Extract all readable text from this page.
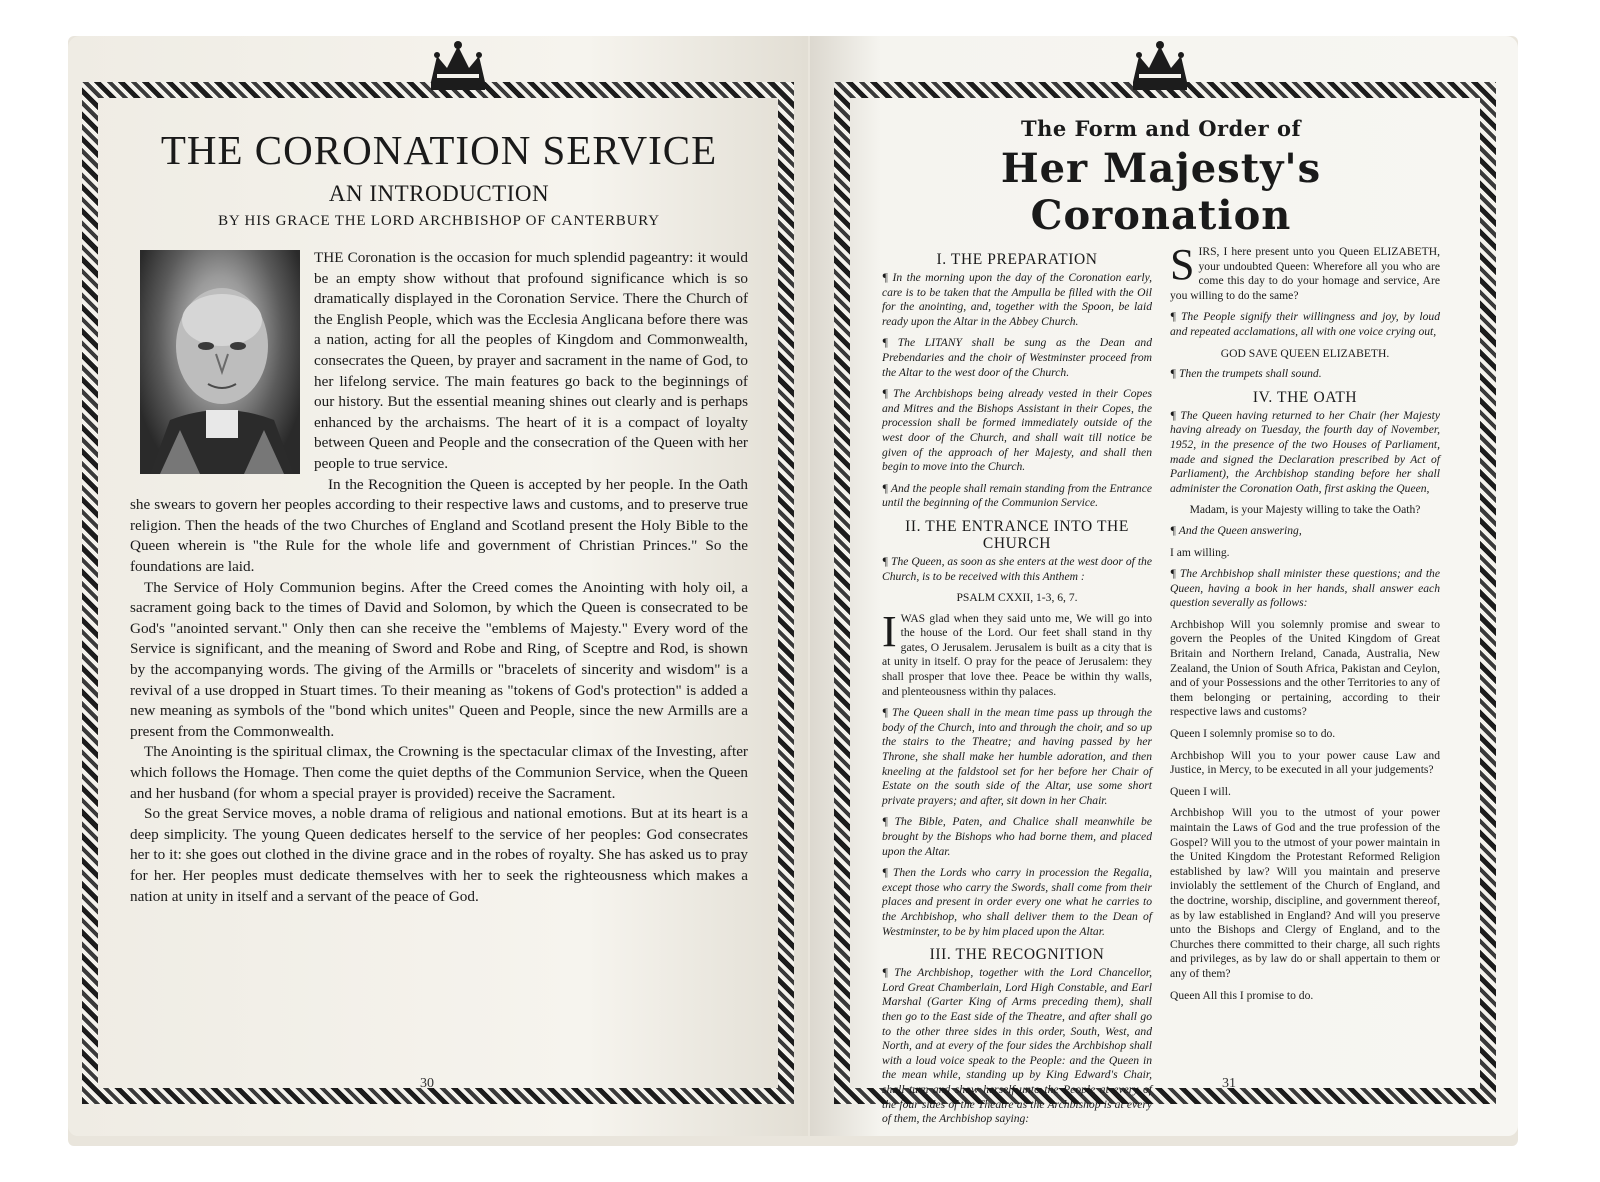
THE CORONATION SERVICE
AN INTRODUCTION
BY HIS GRACE THE LORD ARCHBISHOP OF CANTERBURY

THE Coronation is the occasion for much splendid pageantry: it would be an empty show without that profound significance which is so dramatically displayed in the Coronation Service. There the Church of the English People, which was the Ecclesia Anglicana before there was a nation, acting for all the peoples of Kingdom and Commonwealth, consecrates the Queen, by prayer and sacrament in the name of God, to her lifelong service. The main features go back to the beginnings of our history. But the essential meaning shines out clearly and is perhaps enhanced by the archaisms. The heart of it is a compact of loyalty between Queen and People and the consecration of the Queen with her people to true service.

In the Recognition the Queen is accepted by her people. In the Oath she swears to govern her peoples according to their respective laws and customs, and to preserve true religion. Then the heads of the two Churches of England and Scotland present the Holy Bible to the Queen wherein is "the Rule for the whole life and government of Christian Princes." So the foundations are laid.

The Service of Holy Communion begins. After the Creed comes the Anointing with holy oil, a sacrament going back to the times of David and Solomon, by which the Queen is consecrated to be God's "anointed servant." Only then can she receive the "emblems of Majesty." Every word of the Service is significant, and the meaning of Sword and Robe and Ring, of Sceptre and Rod, is shown by the accompanying words. The giving of the Armills or "bracelets of sincerity and wisdom" is a revival of a use dropped in Stuart times. To their meaning as "tokens of God's protection" is added a new meaning as symbols of the "bond which unites" Queen and People, since the new Armills are a present from the Commonwealth.

The Anointing is the spiritual climax, the Crowning is the spectacular climax of the Investing, after which follows the Homage. Then come the quiet depths of the Communion Service, when the Queen and her husband (for whom a special prayer is provided) receive the Sacrament.

So the great Service moves, a noble drama of religious and national emotions. But at its heart is a deep simplicity. The young Queen dedicates herself to the service of her peoples: God consecrates her to it: she goes out clothed in the divine grace and in the robes of royalty. She has asked us to pray for her. Her peoples must dedicate themselves with her to seek the righteousness which makes a nation at unity in itself and a servant of the peace of God.

30
The Form and Order of
Her Majesty's Coronation
I. THE PREPARATION

¶ In the morning upon the day of the Coronation early, care is to be taken that the Ampulla be filled with the Oil for the anointing, and, together with the Spoon, be laid ready upon the Altar in the Abbey Church.

¶ The LITANY shall be sung as the Dean and Prebendaries and the choir of Westminster proceed from the Altar to the west door of the Church.

¶ The Archbishops being already vested in their Copes and Mitres and the Bishops Assistant in their Copes, the procession shall be formed immediately outside of the west door of the Church, and shall wait till notice be given of the approach of her Majesty, and shall then begin to move into the Church.

¶ And the people shall remain standing from the Entrance until the beginning of the Communion Service.

II. THE ENTRANCE INTO THE CHURCH

¶ The Queen, as soon as she enters at the west door of the Church, is to be received with this Anthem :

PSALM CXXII, 1-3, 6, 7.

IWAS glad when they said unto me, We will go into the house of the Lord. Our feet shall stand in thy gates, O Jerusalem. Jerusalem is built as a city that is at unity in itself. O pray for the peace of Jerusalem: they shall prosper that love thee. Peace be within thy walls, and plenteousness within thy palaces.

¶ The Queen shall in the mean time pass up through the body of the Church, into and through the choir, and so up the stairs to the Theatre; and having passed by her Throne, she shall make her humble adoration, and then kneeling at the faldstool set for her before her Chair of Estate on the south side of the Altar, use some short private prayers; and after, sit down in her Chair.

¶ The Bible, Paten, and Chalice shall meanwhile be brought by the Bishops who had borne them, and placed upon the Altar.

¶ Then the Lords who carry in procession the Regalia, except those who carry the Swords, shall come from their places and present in order every one what he carries to the Archbishop, who shall deliver them to the Dean of Westminster, to be by him placed upon the Altar.

III. THE RECOGNITION

¶ The Archbishop, together with the Lord Chancellor, Lord Great Chamberlain, Lord High Constable, and Earl Marshal (Garter King of Arms preceding them), shall then go to the East side of the Theatre, and after shall go to the other three sides in this order, South, West, and North, and at every of the four sides the Archbishop shall with a loud voice speak to the People: and the Queen in the mean while, standing up by King Edward's Chair, shall turn and show herself unto the People at every of the four sides of the Theatre as the Archbishop is at every of them, the Archbishop saying:

SIRS, I here present unto you Queen ELIZABETH, your undoubted Queen: Wherefore all you who are come this day to do your homage and service, Are you willing to do the same?

¶ The People signify their willingness and joy, by loud and repeated acclamations, all with one voice crying out,

GOD SAVE QUEEN ELIZABETH.

¶ Then the trumpets shall sound.

IV. THE OATH

¶ The Queen having returned to her Chair (her Majesty having already on Tuesday, the fourth day of November, 1952, in the presence of the two Houses of Parliament, made and signed the Declaration prescribed by Act of Parliament), the Archbishop standing before her shall administer the Coronation Oath, first asking the Queen,

Madam, is your Majesty willing to take the Oath?

¶ And the Queen answering,

I am willing.

¶ The Archbishop shall minister these questions; and the Queen, having a book in her hands, shall answer each question severally as follows:

Archbishop Will you solemnly promise and swear to govern the Peoples of the United Kingdom of Great Britain and Northern Ireland, Canada, Australia, New Zealand, the Union of South Africa, Pakistan and Ceylon, and of your Possessions and the other Territories to any of them belonging or pertaining, according to their respective laws and customs?

Queen I solemnly promise so to do.

Archbishop Will you to your power cause Law and Justice, in Mercy, to be executed in all your judgements?

Queen I will.

Archbishop Will you to the utmost of your power maintain the Laws of God and the true profession of the Gospel? Will you to the utmost of your power maintain in the United Kingdom the Protestant Reformed Religion established by law? Will you maintain and preserve inviolably the settlement of the Church of England, and the doctrine, worship, discipline, and government thereof, as by law established in England? And will you preserve unto the Bishops and Clergy of England, and to the Churches there committed to their charge, all such rights and privileges, as by law do or shall appertain to them or any of them?

Queen All this I promise to do.

31
